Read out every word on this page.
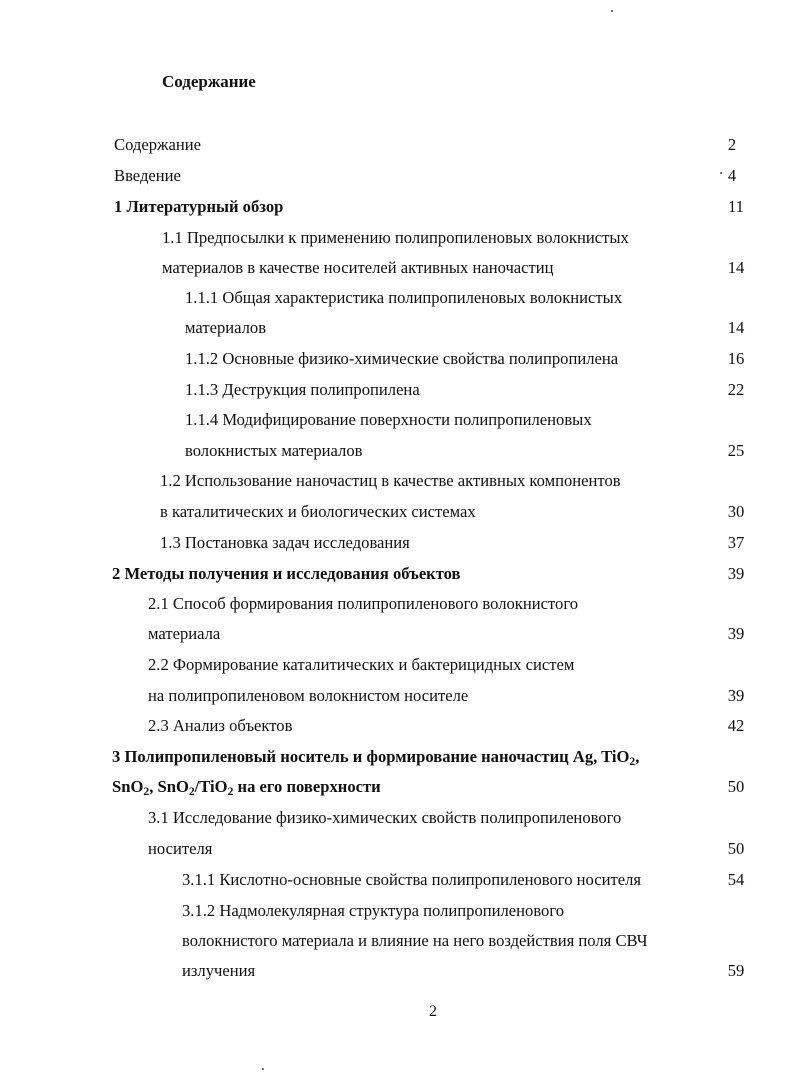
Содержание
Содержание	2
Введение	4
1 Литературный обзор	11
1.1 Предпосылки к применению полипропиленовых волокнистых
материалов в качестве носителей активных наночастиц	14
1.1.1 Общая характеристика полипропиленовых волокнистых
материалов	14
1.1.2 Основные физико-химические свойства полипропилена	16
1.1.3 Деструкция полипропилена	22
1.1.4 Модифицирование поверхности полипропиленовых
волокнистых материалов	25
1.2 Использование наночастиц в качестве активных компонентов
в каталитических и биологических системах	30
1.3 Постановка задач исследования	37
2 Методы получения и исследования объектов	39
2.1 Способ формирования полипропиленового волокнистого
материала	39
2.2 Формирование каталитических и бактерицидных систем
на полипропиленовом волокнистом носителе	39
2.3 Анализ объектов	42
3 Полипропиленовый носитель и формирование наночастиц Ag, TiO$_2$,
SnO$_2$, SnO$_2$/TiO$_2$ на его поверхности	50
3.1 Исследование физико-химических свойств полипропиленового
носителя	50
3.1.1 Кислотно-основные свойства полипропиленового носителя	54
3.1.2 Надмолекулярная структура полипропиленового
волокнистого материала и влияние на него воздействия поля СВЧ
излучения	59
2
